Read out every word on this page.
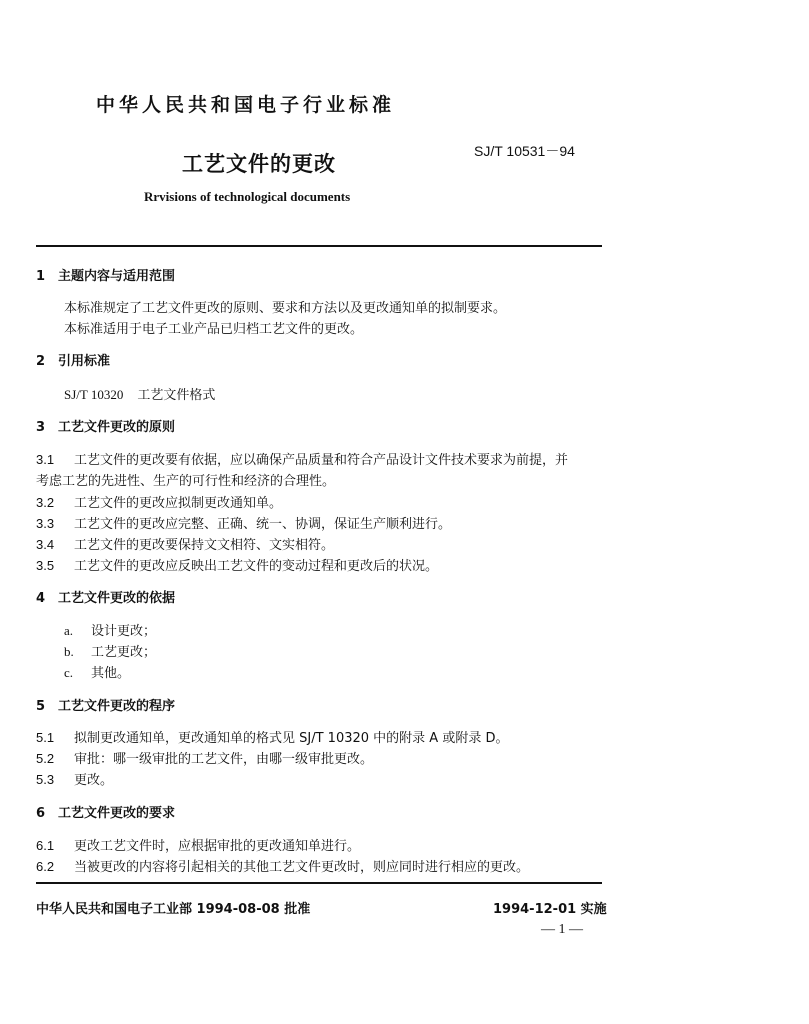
中华人民共和国电子行业标准
工艺文件的更改
SJ/T 10531－94
Rrvisions of technological documents
1 主题内容与适用范围
本标准规定了工艺文件更改的原则、要求和方法以及更改通知单的拟制要求。
本标准适用于电子工业产品已归档工艺文件的更改。
2 引用标准
SJ/T 10320 工艺文件格式
3 工艺文件更改的原则
3.1 工艺文件的更改要有依据，应以确保产品质量和符合产品设计文件技术要求为前提，并
考虑工艺的先进性、生产的可行性和经济的合理性。
3.2 工艺文件的更改应拟制更改通知单。
3.3 工艺文件的更改应完整、正确、统一、协调，保证生产顺利进行。
3.4 工艺文件的更改要保持文文相符、文实相符。
3.5 工艺文件的更改应反映出工艺文件的变动过程和更改后的状况。
4 工艺文件更改的依据
a. 设计更改；
b. 工艺更改；
c. 其他。
5 工艺文件更改的程序
5.1 拟制更改通知单，更改通知单的格式见 SJ/T 10320 中的附录 A 或附录 D。
5.2 审批：哪一级审批的工艺文件，由哪一级审批更改。
5.3 更改。
6 工艺文件更改的要求
6.1 更改工艺文件时，应根据审批的更改通知单进行。
6.2 当被更改的内容将引起相关的其他工艺文件更改时，则应同时进行相应的更改。
中华人民共和国电子工业部 1994-08-08 批准	1994-12-01 实施
— 1 —
